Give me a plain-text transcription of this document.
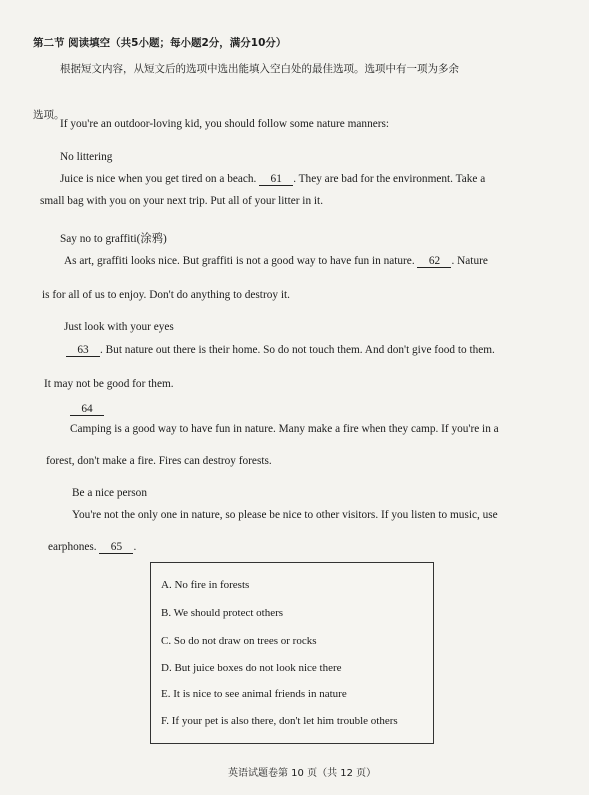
第二节 阅读填空（共5小题；每小题2分，满分10分）
根据短文内容，从短文后的选项中选出能填入空白处的最佳选项。选项中有一项为多余
选项。
If you're an outdoor-loving kid, you should follow some nature manners:
No littering
Juice is nice when you get tired on a beach. 61 . They are bad for the environment. Take a
small bag with you on your next trip. Put all of your litter in it.
Say no to graffiti(涂鸦)
As art, graffiti looks nice. But graffiti is not a good way to have fun in nature. 62 . Nature
is for all of us to enjoy. Don't do anything to destroy it.
Just look with your eyes
63 . But nature out there is their home. So do not touch them. And don't give food to them.
It may not be good for them.
64
Camping is a good way to have fun in nature. Many make a fire when they camp. If you're in a
forest, don't make a fire. Fires can destroy forests.
Be a nice person
You're not the only one in nature, so please be nice to other visitors. If you listen to music, use
earphones. 65 .
A. No fire in forests
B. We should protect others
C. So do not draw on trees or rocks
D. But juice boxes do not look nice there
E. It is nice to see animal friends in nature
F. If your pet is also there, don't let him trouble others
英语试题卷第 10 页（共 12 页）
